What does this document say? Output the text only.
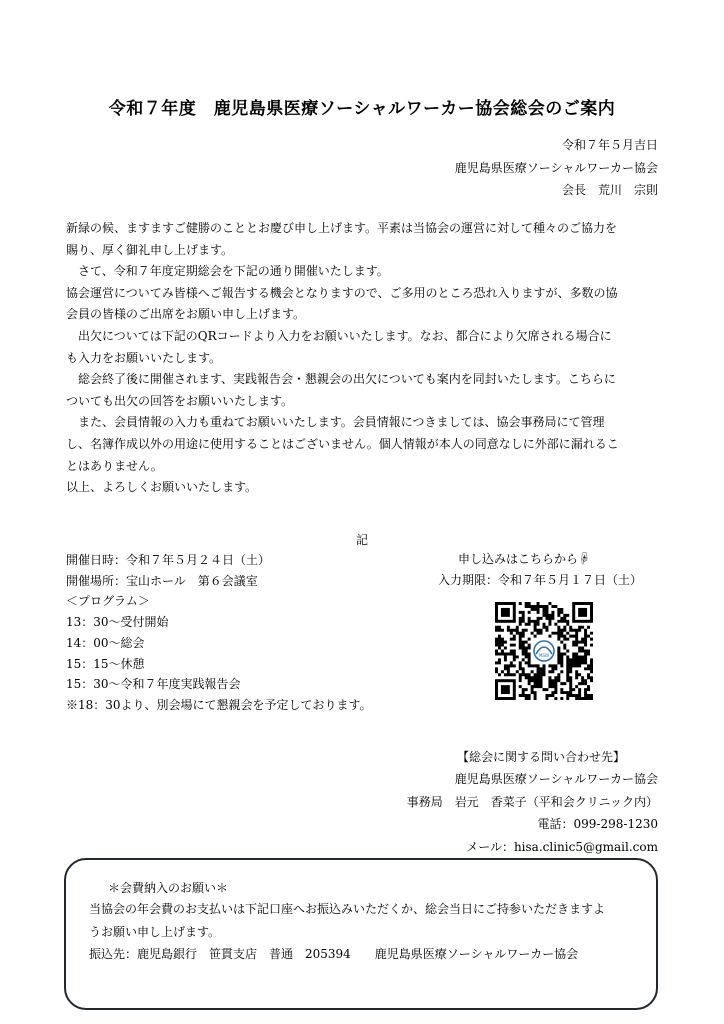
令和７年度　鹿児島県医療ソーシャルワーカー協会総会のご案内
令和７年５月吉日
鹿児島県医療ソーシャルワーカー協会
会長　荒川　宗則

新緑の候、ますますご健勝のこととお慶び申し上げます。平素は当協会の運営に対して種々のご協力を

賜り、厚く御礼申し上げます。

　さて、令和７年度定期総会を下記の通り開催いたします。

協会運営についてみ皆様へご報告する機会となりますので、ご多用のところ恐れ入りますが、多数の協

会員の皆様のご出席をお願い申し上げます。

　出欠については下記のQRコードより入力をお願いいたします。なお、都合により欠席される場合に

も入力をお願いいたします。

　総会終了後に開催されます、実践報告会・懇親会の出欠についても案内を同封いたします。こちらに

ついても出欠の回答をお願いいたします。

　また、会員情報の入力も重ねてお願いいたします。会員情報につきましては、協会事務局にて管理

し、名簿作成以外の用途に使用することはございません。個人情報が本人の同意なしに外部に漏れるこ

とはありません。

以上、よろしくお願いいたします。

記

開催日時：令和７年５月２４日（土）

開催場所：宝山ホール　第６会議室

＜プログラム＞

13：30～受付開始

14：00～総会

15：15～休憩

15：30～令和７年度実践報告会

※18：30より、別会場にて懇親会を予定しております。

申し込みはこちらから☟
入力期限：令和７年５月１７日（土）
MSW
【総会に関する問い合わせ先】
鹿児島県医療ソーシャルワーカー協会
事務局　岩元　香菜子（平和会クリニック内）
電話：099-298-1230
メール：hisa.clinic5@gmail.com
＊会費納入のお願い＊

当協会の年会費のお支払いは下記口座へお振込みいただくか、総会当日にご持参いただきますよ

うお願い申し上げます。

振込先：鹿児島銀行　笹貫支店　普通　205394　　鹿児島県医療ソーシャルワーカー協会
